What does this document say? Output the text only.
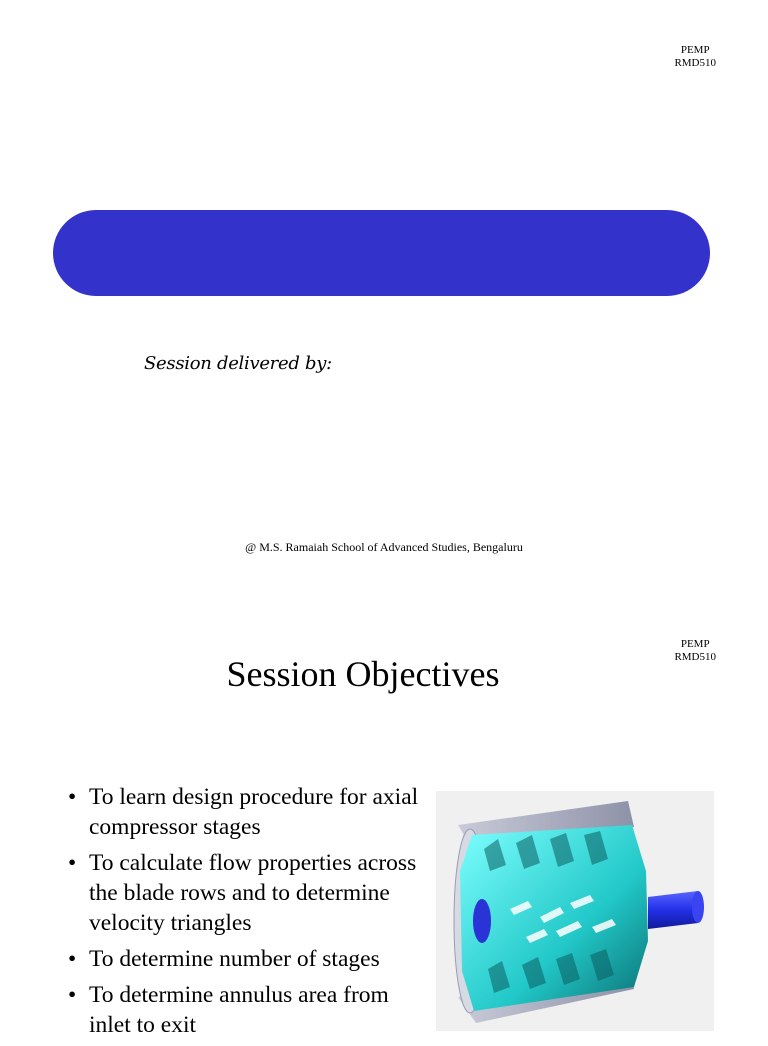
PEMP
RMD510
Session delivered by:
@ M.S. Ramaiah School of Advanced Studies, Bengaluru
PEMP
RMD510
Session Objectives
• To learn design procedure for axial compressor stages
• To calculate flow properties across the blade rows and to determine velocity triangles
• To determine number of stages
• To determine annulus area from inlet to exit
